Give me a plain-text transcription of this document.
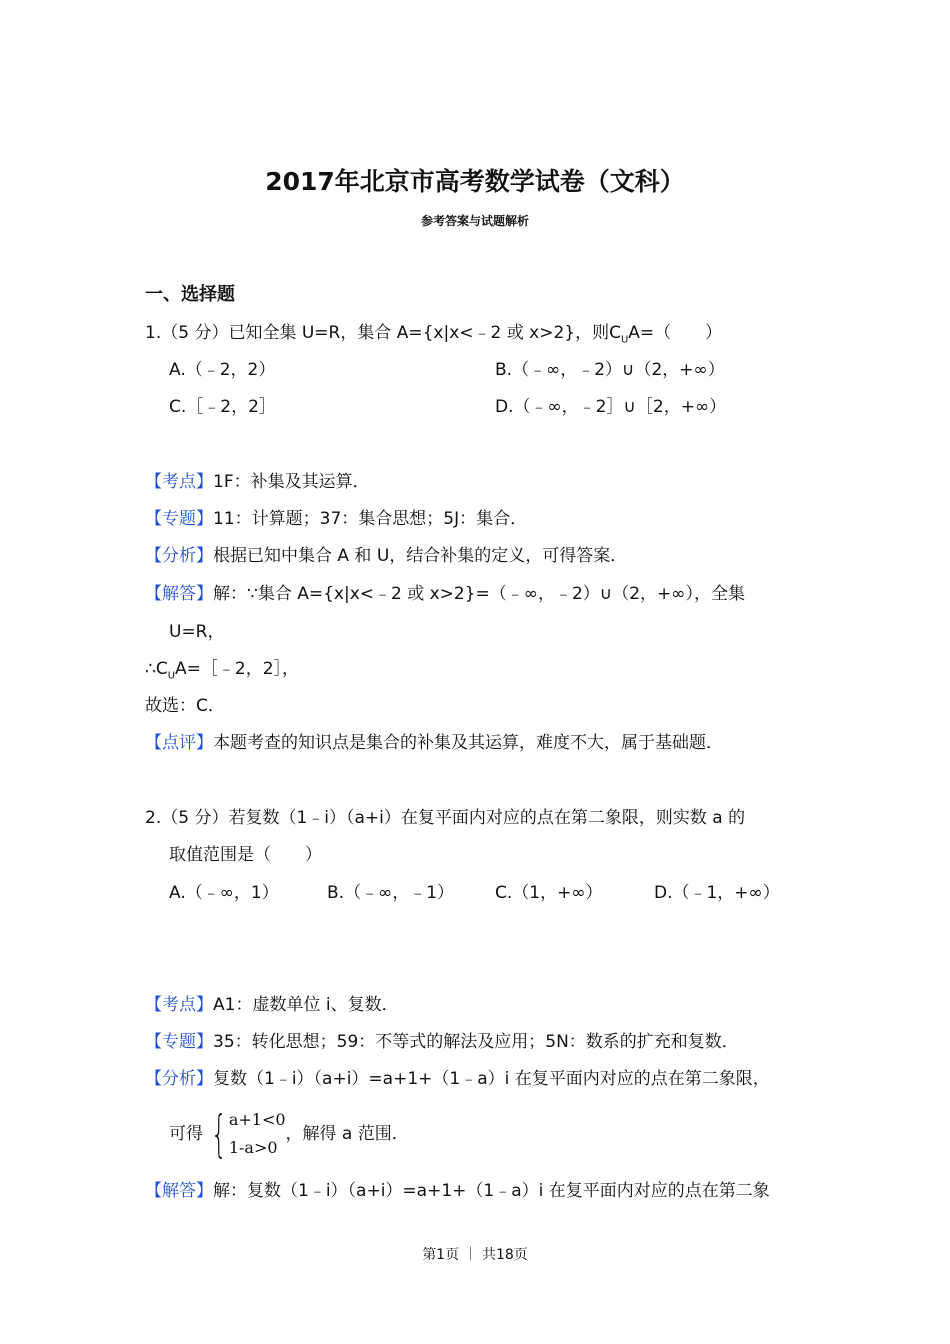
2017年北京市高考数学试卷（文科）
参考答案与试题解析
一、选择题
1.（5 分）已知全集 U=R，集合 A={x|x<﹣2 或 x>2}，则$C_UA=$（　　）
A.（﹣2，2）	B.（﹣∞，﹣2）∪（2，+∞）
C.［﹣2，2］	D.（﹣∞，﹣2］∪［2，+∞）
【考点】1F：补集及其运算．
【专题】11：计算题；37：集合思想；5J：集合．
【分析】根据已知中集合 A 和 U，结合补集的定义，可得答案．
【解答】解：∵集合 A={x|x<﹣2 或 x>2}=（﹣∞，﹣2）∪（2，+∞），全集
U=R，
$\therefore C_UA=[﹣2$，2］，
故选：C．
【点评】本题考查的知识点是集合的补集及其运算，难度不大，属于基础题．
2.（5 分）若复数（1﹣i）（a+i）在复平面内对应的点在第二象限，则实数 a 的
取值范围是（　　）
A.（﹣∞，1）	B.（﹣∞，﹣1） C.（1，+∞）	D.（﹣1，+∞）
【考点】A1：虚数单位 i、复数．
【专题】35：转化思想；59：不等式的解法及应用；5N：数系的扩充和复数．
【分析】复数（1﹣i）（a+i）=a+1+（1﹣a）i 在复平面内对应的点在第二象限，
可得 { a+1<0
1-a>0
，解得 a 范围．
【解答】解：复数（1﹣i）（a+i）=a+1+（1﹣a）i 在复平面内对应的点在第二象
第1页 ｜ 共18页
